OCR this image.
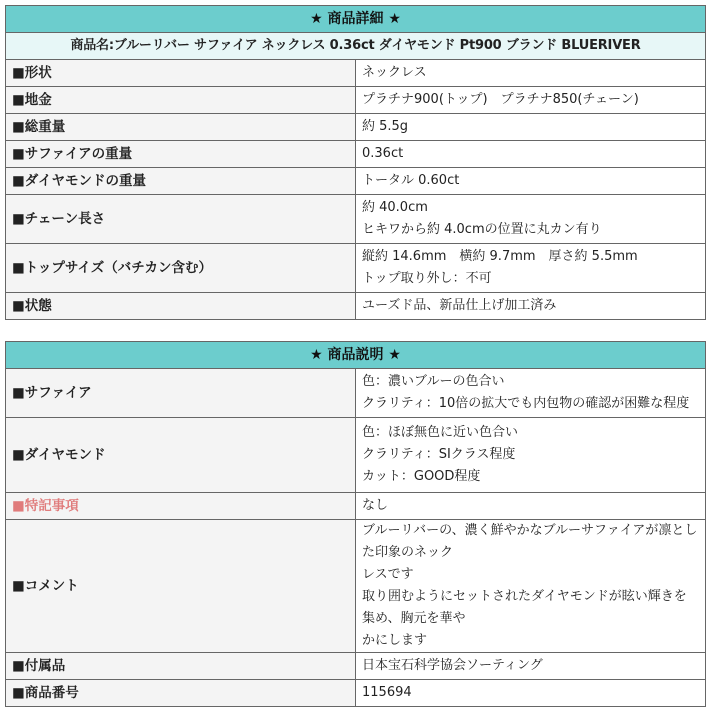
★ 商品詳細 ★	
商品名:ブルーリバー サファイア ネックレス 0.36ct ダイヤモンド Pt900 ブランド BLUERIVER	
■形状	ネックレス
■地金	プラチナ900(トップ)　プラチナ850(チェーン)
■総重量	約 5.5g
■サファイアの重量	0.36ct
■ダイヤモンドの重量	トータル 0.60ct
■チェーン長さ	約 40.0cm
ヒキワから約 4.0cmの位置に丸カン有り

■トップサイズ（バチカン含む）	縦約 14.6mm　横約 9.7mm　厚さ約 5.5mm
トップ取り外し：不可

■状態	ユーズド品、新品仕上げ加工済み
★ 商品説明 ★	
■サファイア	色：濃いブルーの色合い
クラリティ：10倍の拡大でも内包物の確認が困難な程度

■ダイヤモンド	色：ほぼ無色に近い色合い
クラリティ：SIクラス程度
カット：GOOD程度

■特記事項	なし
■コメント	ブルーリバーの、濃く鮮やかなブルーサファイアが凛とした印象のネック
レスです
取り囲むようにセットされたダイヤモンドが眩い輝きを集め、胸元を華や
かにします

■付属品	日本宝石科学協会ソーティング
■商品番号	115694
